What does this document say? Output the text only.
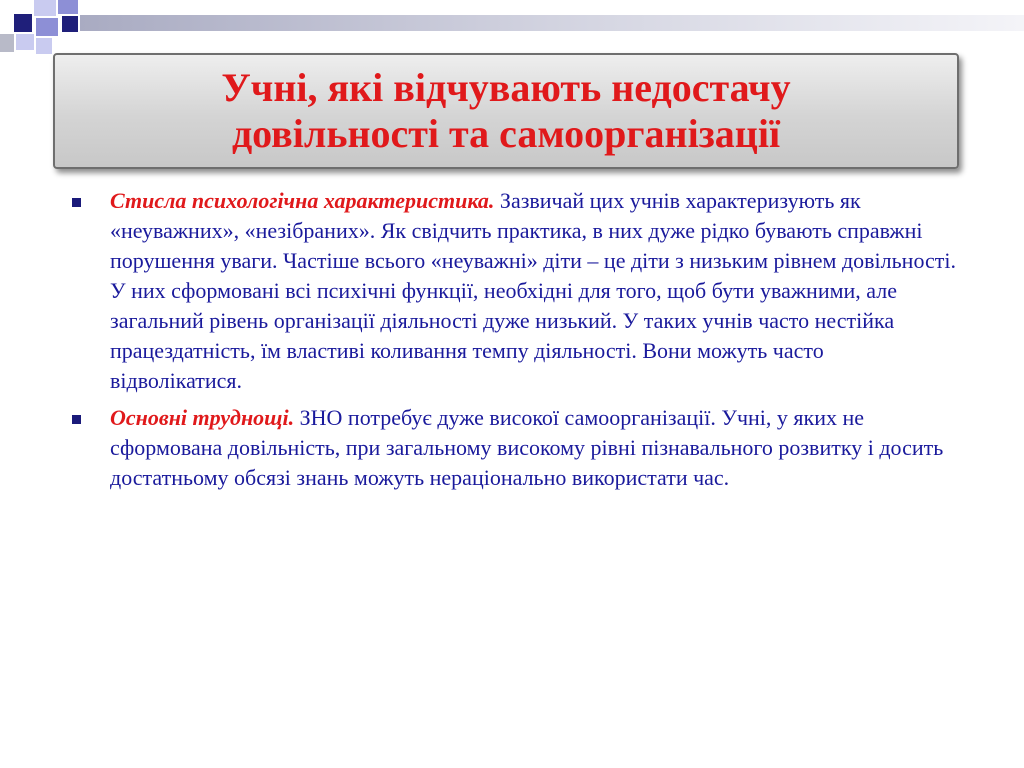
Учні, які відчувають недостачу довільності та самоорганізації
Стисла психологічна характеристика. Зазвичай цих учнів характеризують як «неуважних», «незібраних». Як свідчить практика, в них дуже рідко бувають справжні порушення уваги. Частіше всього «неуважні» діти – це діти з низьким рівнем довільності. У них сформовані всі психічні функції, необхідні для того, щоб бути уважними, але загальний рівень організації діяльності дуже низький. У таких учнів часто нестійка працездатність, їм властиві коливання темпу діяльності. Вони можуть часто відволікатися.
Основні труднощі. ЗНО потребує дуже високої самоорганізації. Учні, у яких не сформована довільність, при загальному високому рівні пізнавального розвитку і досить достатньому обсязі знань можуть нераціонально використати час.
